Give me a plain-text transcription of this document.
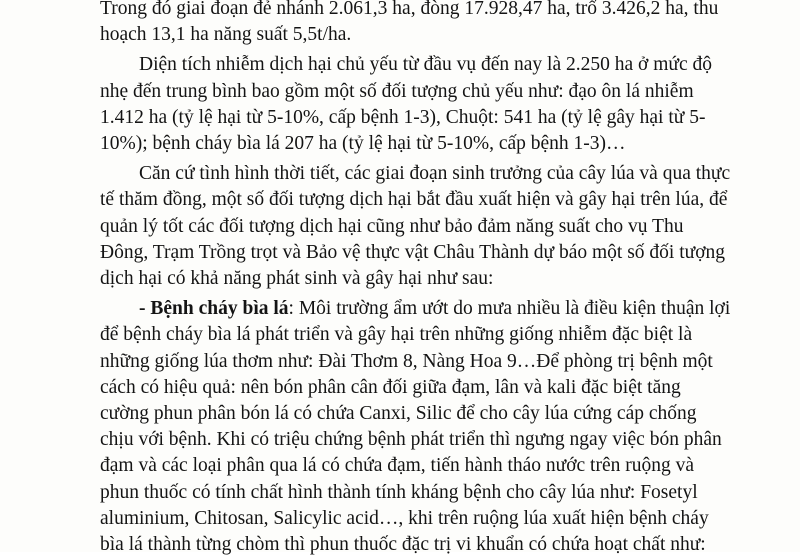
Trong đó giai đoạn đẻ nhánh 2.061,3 ha, đòng 17.928,47 ha, trổ 3.426,2 ha, thu
hoạch 13,1 ha năng suất 5,5t/ha.
Diện tích nhiễm dịch hại chủ yếu từ đầu vụ đến nay là 2.250 ha ở mức độ
nhẹ đến trung bình bao gồm một số đối tượng chủ yếu như: đạo ôn lá nhiễm
1.412 ha (tỷ lệ hại từ 5-10%, cấp bệnh 1-3), Chuột: 541 ha (tỷ lệ gây hại từ 5-
10%); bệnh cháy bìa lá 207 ha (tỷ lệ hại từ 5-10%, cấp bệnh 1-3)…
Căn cứ tình hình thời tiết, các giai đoạn sinh trưởng của cây lúa và qua thực
tế thăm đồng, một số đối tượng dịch hại bắt đầu xuất hiện và gây hại trên lúa, để
quản lý tốt các đối tượng dịch hại cũng như bảo đảm năng suất cho vụ Thu
Đông, Trạm Trồng trọt và Bảo vệ thực vật Châu Thành dự báo một số đối tượng
dịch hại có khả năng phát sinh và gây hại như sau:
- Bệnh cháy bìa lá: Môi trường ẩm ướt do mưa nhiều là điều kiện thuận lợi
để bệnh cháy bìa lá phát triển và gây hại trên những giống nhiễm đặc biệt là
những giống lúa thơm như: Đài Thơm 8, Nàng Hoa 9…Để phòng trị bệnh một
cách có hiệu quả: nên bón phân cân đối giữa đạm, lân và kali đặc biệt tăng
cường phun phân bón lá có chứa Canxi, Silic để cho cây lúa cứng cáp chống
chịu với bệnh. Khi có triệu chứng bệnh phát triển thì ngưng ngay việc bón phân
đạm và các loại phân qua lá có chứa đạm, tiến hành tháo nước trên ruộng và
phun thuốc có tính chất hình thành tính kháng bệnh cho cây lúa như: Fosetyl
aluminium, Chitosan, Salicylic acid…, khi trên ruộng lúa xuất hiện bệnh cháy
bìa lá thành từng chòm thì phun thuốc đặc trị vi khuẩn có chứa hoạt chất như:
